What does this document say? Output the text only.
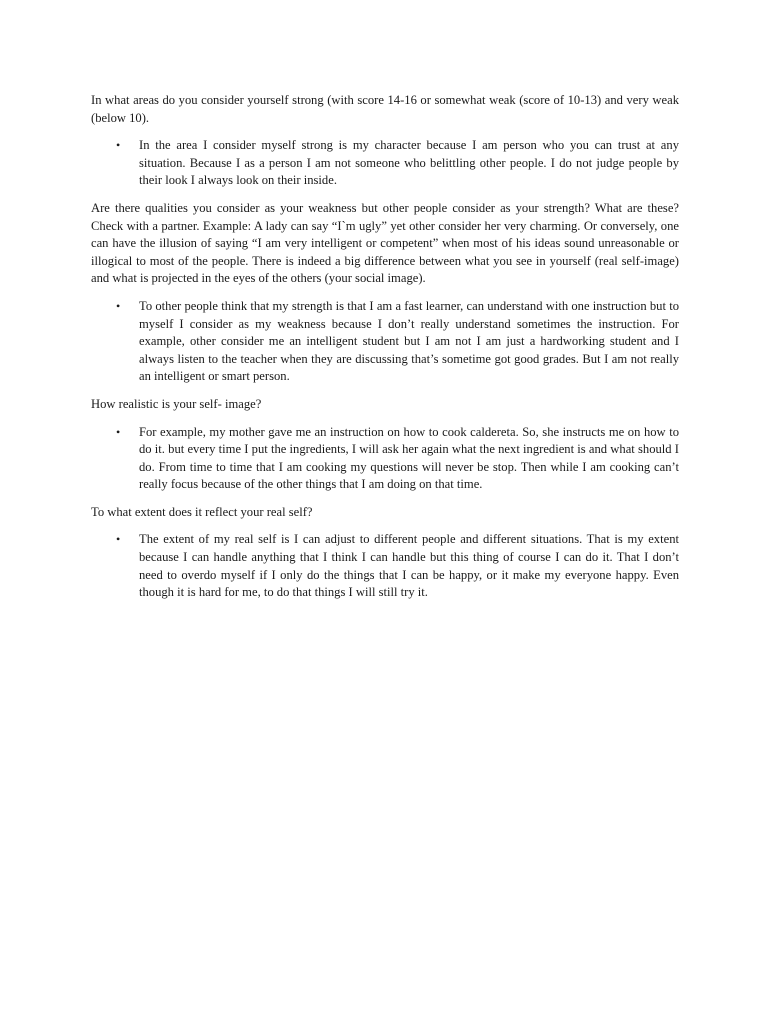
In what areas do you consider yourself strong (with score 14-16 or somewhat weak (score of 10-13) and very weak (below 10).

• In the area I consider myself strong is my character because I am person who you can trust at any situation. Because I as a person I am not someone who belittling other people. I do not judge people by their look I always look on their inside.

Are there qualities you consider as your weakness but other people consider as your strength? What are these? Check with a partner. Example: A lady can say “I`m ugly” yet other consider her very charming. Or conversely, one can have the illusion of saying “I am very intelligent or competent” when most of his ideas sound unreasonable or illogical to most of the people. There is indeed a big difference between what you see in yourself (real self-image) and what is projected in the eyes of the others (your social image).

• To other people think that my strength is that I am a fast learner, can understand with one instruction but to myself I consider as my weakness because I don’t really understand sometimes the instruction. For example, other consider me an intelligent student but I am not I am just a hardworking student and I always listen to the teacher when they are discussing that’s sometime got good grades. But I am not really an intelligent or smart person.

How realistic is your self- image?

• For example, my mother gave me an instruction on how to cook caldereta. So, she instructs me on how to do it. but every time I put the ingredients, I will ask her again what the next ingredient is and what should I do. From time to time that I am cooking my questions will never be stop. Then while I am cooking can’t really focus because of the other things that I am doing on that time.

To what extent does it reflect your real self?

• The extent of my real self is I can adjust to different people and different situations. That is my extent because I can handle anything that I think I can handle but this thing of course I can do it. That I don’t need to overdo myself if I only do the things that I can be happy, or it make my everyone happy. Even though it is hard for me, to do that things I will still try it.
